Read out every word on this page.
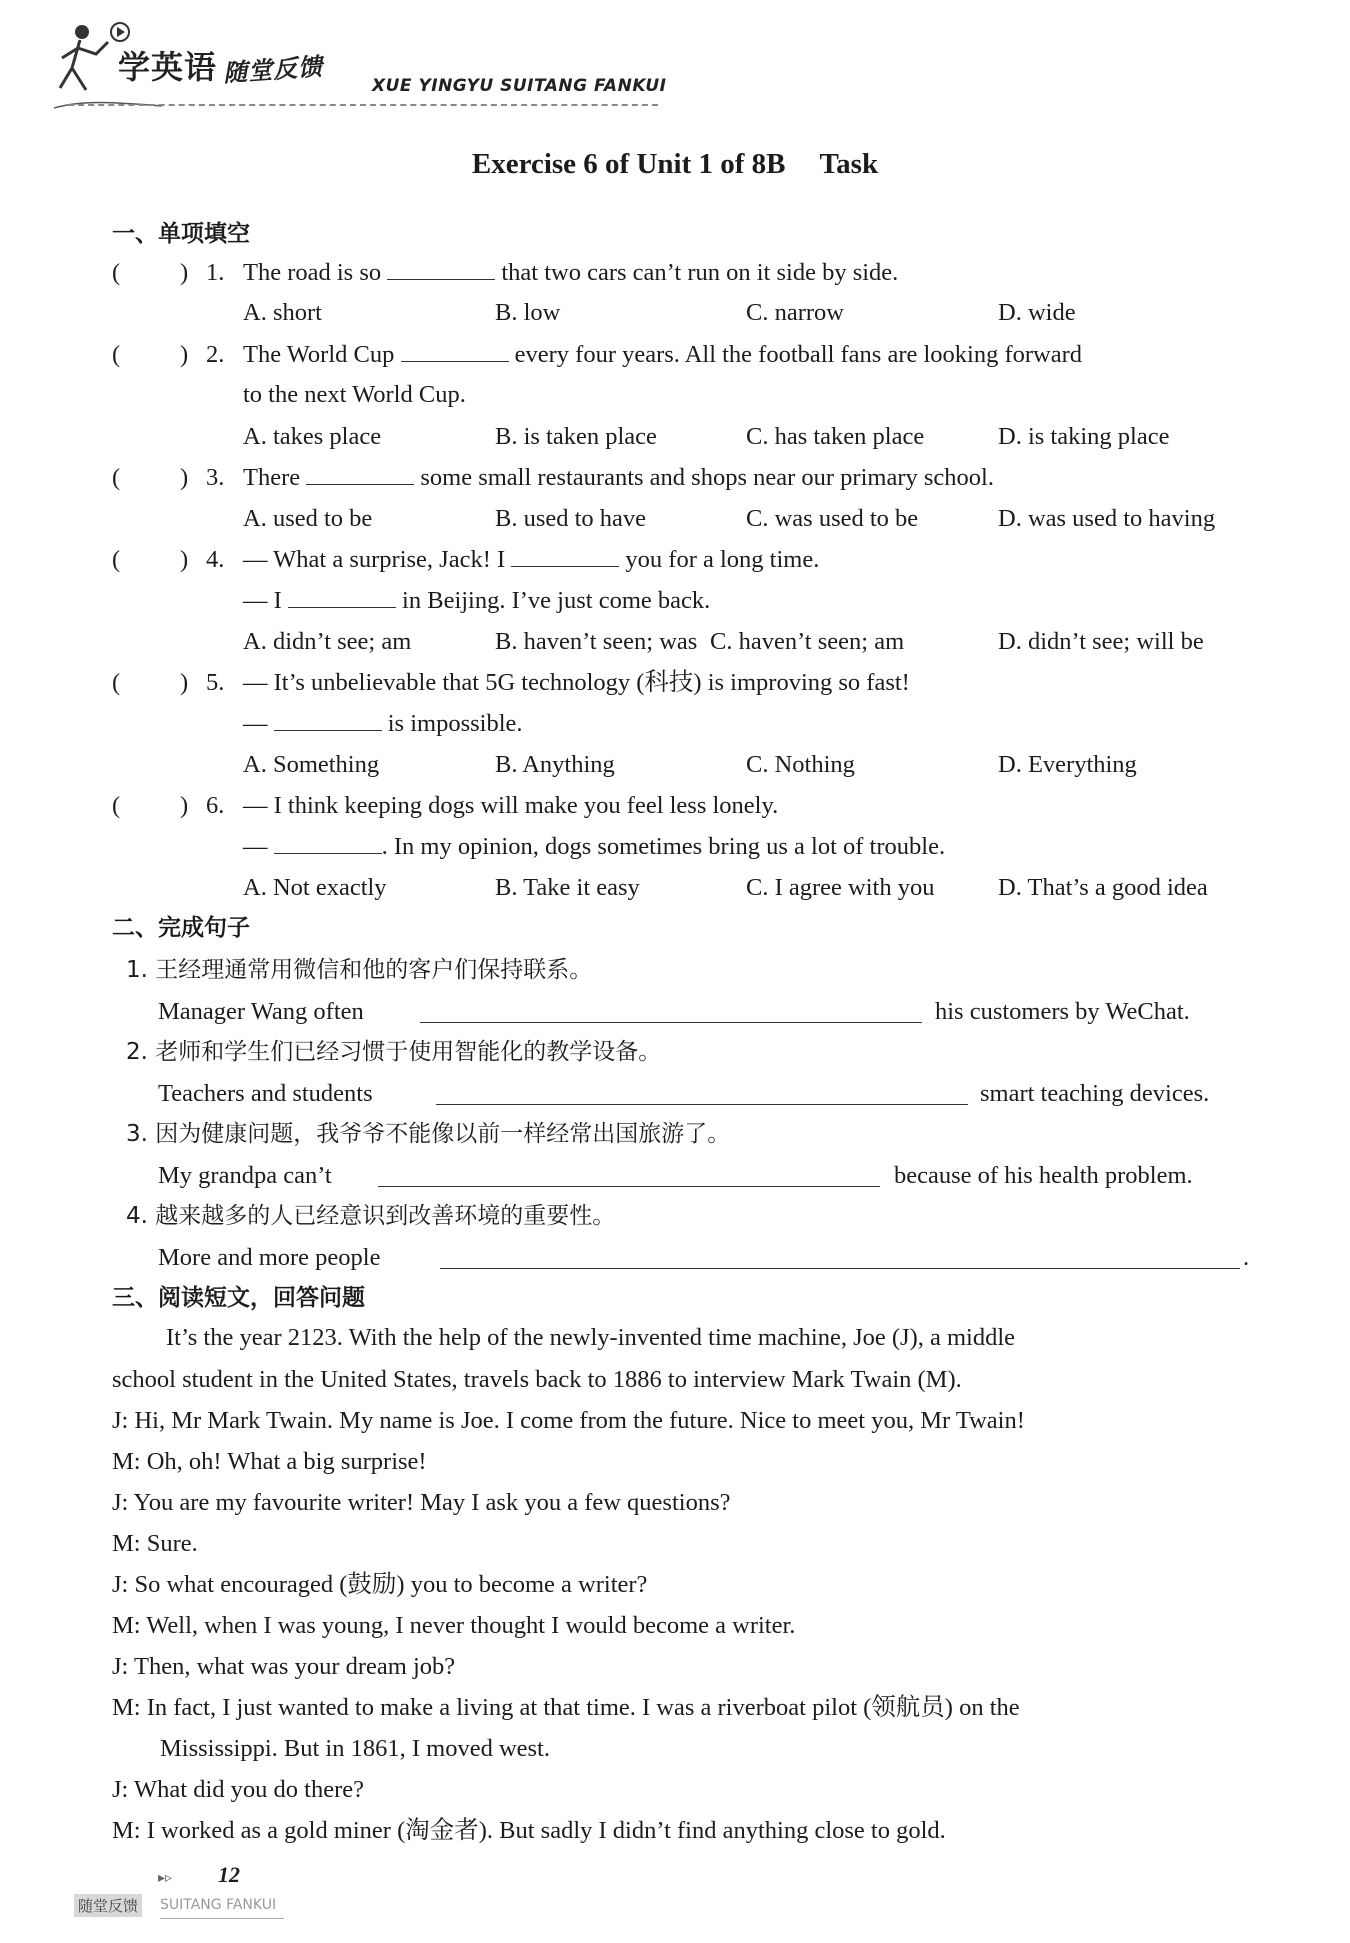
学英语 随堂反馈	XUE YINGYU SUITANG FANKUI
Exercise 6 of Unit 1 of 8B Task
一、单项填空
( ) 1. The road is so	that two cars can’t run on it side by side.
A. short	B. low	C. narrow	D. wide
( ) 2. The World Cup	every four years. All the football fans are looking forward
to the next World Cup.
A. takes place	B. is taken place	C. has taken place	D. is taking place
( ) 3. There	some small restaurants and shops near our primary school.
A. used to be	B. used to have	C. was used to be	D. was used to having
( ) 4. — What a surprise, Jack! I	you for a long time.
— I	in Beijing. I’ve just come back.
A. didn’t see; am	B. haven’t seen; was C. haven’t seen; am	D. didn’t see; will be
( ) 5. — It’s unbelievable that 5G technology (科技) is improving so fast!
—	is impossible.
A. Something	B. Anything	C. Nothing	D. Everything
( ) 6. — I think keeping dogs will make you feel less lonely.
—	. In my opinion, dogs sometimes bring us a lot of trouble.
A. Not exactly	B. Take it easy	C. I agree with you	D. That’s a good idea
二、完成句子
1. 王经理通常用微信和他的客户们保持联系。
Manager Wang often	his customers by WeChat.
2. 老师和学生们已经习惯于使用智能化的教学设备。
Teachers and students	smart teaching devices.
3. 因为健康问题，我爷爷不能像以前一样经常出国旅游了。
My grandpa can’t	because of his health problem.
4. 越来越多的人已经意识到改善环境的重要性。
More and more people	.
三、阅读短文，回答问题
It’s the year 2123. With the help of the newly-invented time machine, Joe (J), a middle
school student in the United States, travels back to 1886 to interview Mark Twain (M).
J: Hi, Mr Mark Twain. My name is Joe. I come from the future. Nice to meet you, Mr Twain!
M: Oh, oh! What a big surprise!
J: You are my favourite writer! May I ask you a few questions?
M: Sure.
J: So what encouraged (鼓励) you to become a writer?
M: Well, when I was young, I never thought I would become a writer.
J: Then, what was your dream job?
M: In fact, I just wanted to make a living at that time. I was a riverboat pilot (领航员) on the
Mississippi. But in 1861, I moved west.
J: What did you do there?
M: I worked as a gold miner (淘金者). But sadly I didn’t find anything close to gold.
▸▹ 12
随堂反馈 SUITANG FANKUI
